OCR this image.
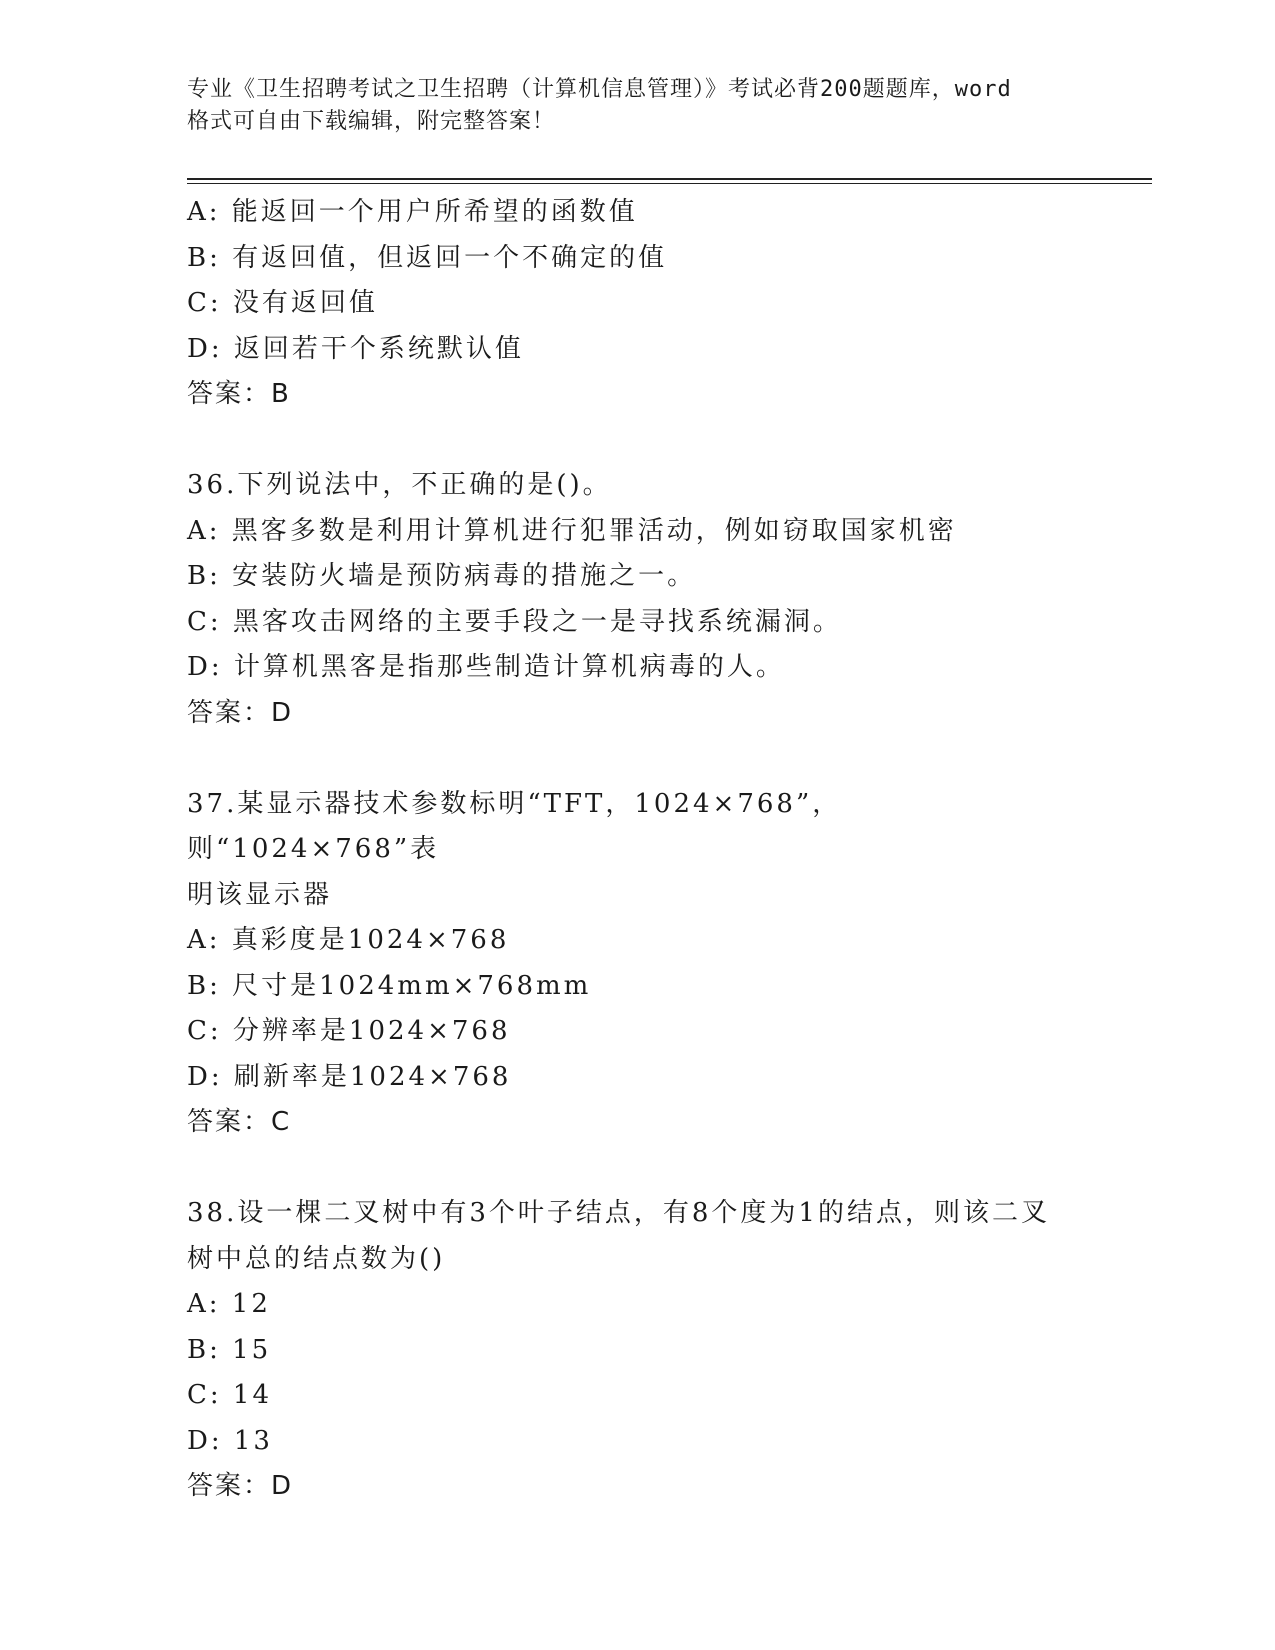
专业《卫生招聘考试之卫生招聘（计算机信息管理）》考试必背200题题库，word
格式可自由下载编辑，附完整答案！
A: 能返回一个用户所希望的函数值
B: 有返回值，但返回一个不确定的值
C: 没有返回值
D: 返回若干个系统默认值
答案：B
36.下列说法中，不正确的是()。
A: 黑客多数是利用计算机进行犯罪活动，例如窃取国家机密
B: 安装防火墙是预防病毒的措施之一。
C: 黑客攻击网络的主要手段之一是寻找系统漏洞。
D: 计算机黑客是指那些制造计算机病毒的人。
答案：D
37.某显示器技术参数标明“TFT，1024×768”，则“1024×768”表
明该显示器
A: 真彩度是1024×768
B: 尺寸是1024mm×768mm
C: 分辨率是1024×768
D: 刷新率是1024×768
答案：C
38.设一棵二叉树中有3个叶子结点，有8个度为1的结点，则该二叉
树中总的结点数为()
A: 12
B: 15
C: 14
D: 13
答案：D
